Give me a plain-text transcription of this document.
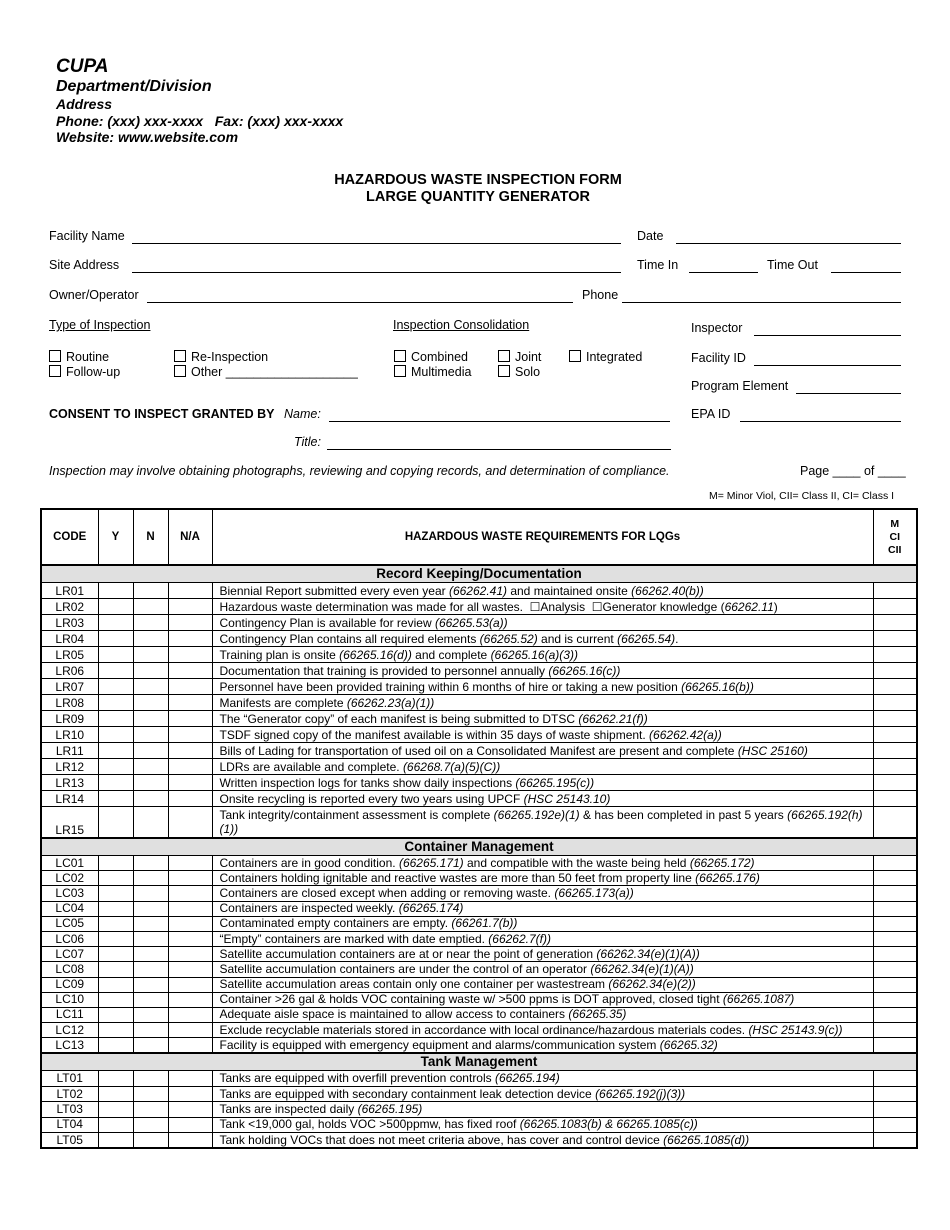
CUPA
Department/Division
Address
Phone: (xxx) xxx-xxxx   Fax: (xxx) xxx-xxxx
Website: www.website.com
HAZARDOUS WASTE INSPECTION FORM
LARGE QUANTITY GENERATOR
Facility Name	Date
Site Address	Time In	Time Out
Owner/Operator	Phone
Type of Inspection
Routine
Follow-up
Re-Inspection
Other ___________________
Inspection Consolidation
Combined
Multimedia
Joint
Solo
Integrated
Inspector
Facility ID
Program Element
EPA ID
CONSENT TO INSPECT GRANTED BY Name:
Title:
Inspection may involve obtaining photographs, reviewing and copying records, and determination of compliance.	Page ____ of ____
M= Minor Viol, CII= Class II, CI= Class I
CODE	Y	N	N/A	HAZARDOUS WASTE REQUIREMENTS FOR LQGs	M
CI
CII

Record Keeping/Documentation					
LR01				Biennial Report submitted every even year (66262.41) and maintained onsite (66262.40(b))	
LR02				Hazardous waste determination was made for all wastes.  ☐Analysis  ☐Generator knowledge (66262.11)	
LR03				Contingency Plan is available for review (66265.53(a))	
LR04				Contingency Plan contains all required elements (66265.52) and is current (66265.54).	
LR05				Training plan is onsite (66265.16(d)) and complete (66265.16(a)(3))	
LR06				Documentation that training is provided to personnel annually (66265.16(c))	
LR07				Personnel have been provided training within 6 months of hire or taking a new position (66265.16(b))	
LR08				Manifests are complete (66262.23(a)(1))	
LR09				The “Generator copy” of each manifest is being submitted to DTSC (66262.21(f))	
LR10				TSDF signed copy of the manifest available is within 35 days of waste shipment. (66262.42(a))	
LR11				Bills of Lading for transportation of used oil on a Consolidated Manifest are present and complete (HSC 25160)	
LR12				LDRs are available and complete. (66268.7(a)(5)(C))	
LR13				Written inspection logs for tanks show daily inspections (66265.195(c))	
LR14				Onsite recycling is reported every two years using UPCF (HSC 25143.10)	
LR15				Tank integrity/containment assessment is complete (66265.192e)(1) & has been completed in past 5 years (66265.192(h)(1))	
Container Management					
LC01				Containers are in good condition. (66265.171) and compatible with the waste being held (66265.172)	
LC02				Containers holding ignitable and reactive wastes are more than 50 feet from property line (66265.176)	
LC03				Containers are closed except when adding or removing waste. (66265.173(a))	
LC04				Containers are inspected weekly. (66265.174)	
LC05				Contaminated empty containers are empty. (66261.7(b))	
LC06				“Empty” containers are marked with date emptied. (66262.7(f))	
LC07				Satellite accumulation containers are at or near the point of generation (66262.34(e)(1)(A))	
LC08				Satellite accumulation containers are under the control of an operator (66262.34(e)(1)(A))	
LC09				Satellite accumulation areas contain only one container per wastestream (66262.34(e)(2))	
LC10				Container >26 gal & holds VOC containing waste w/ >500 ppms is DOT approved, closed tight (66265.1087)	
LC11				Adequate aisle space is maintained to allow access to containers (66265.35)	
LC12				Exclude recyclable materials stored in accordance with local ordinance/hazardous materials codes. (HSC 25143.9(c))	
LC13				Facility is equipped with emergency equipment and alarms/communication system (66265.32)	
Tank Management					
LT01				Tanks are equipped with overfill prevention controls (66265.194)	
LT02				Tanks are equipped with secondary containment leak detection device (66265.192(j)(3))	
LT03				Tanks are inspected daily (66265.195)	
LT04				Tank <19,000 gal, holds VOC >500ppmw, has fixed roof (66265.1083(b) & 66265.1085(c))	
LT05				Tank holding VOCs that does not meet criteria above, has cover and control device (66265.1085(d))	
